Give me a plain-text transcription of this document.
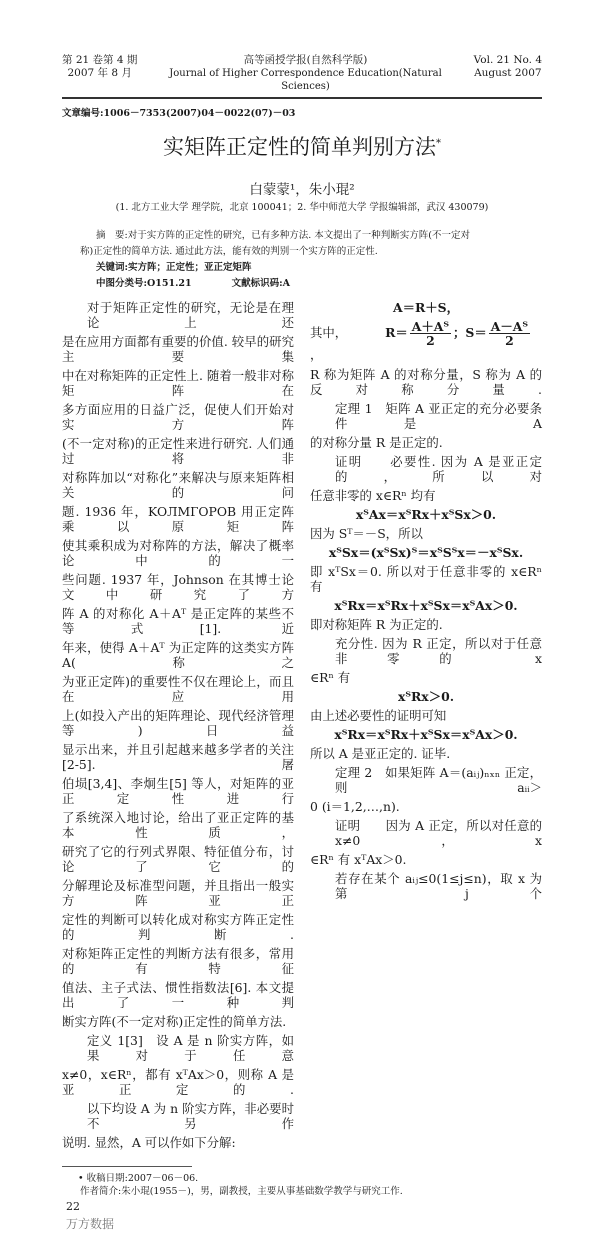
第 21 卷第 4 期
2007 年 8 月
高等函授学报(自然科学版)
Journal of Higher Correspondence Education(Natural Sciences)
Vol. 21 No. 4
August 2007
文章编号:1006－7353(2007)04－0022(07)－03
实矩阵正定性的简单判别方法*
白蒙蒙¹，朱小琨²
(1. 北方工业大学 理学院，北京 100041；2. 华中师范大学 学报编辑部，武汉 430079)
摘　要:对于实方阵的正定性的研究，已有多种方法. 本文提出了一种判断实方阵(不一定对
称)正定性的简单方法. 通过此方法，能有效的判别一个实方阵的正定性.
关键词:实方阵；正定性；亚正定矩阵
中图分类号:O151.21	文献标识码:A
对于矩阵正定性的研究，无论是在理论上还
是在应用方面都有重要的价值. 较早的研究主要集
中在对称矩阵的正定性上. 随着一般非对称矩阵在
多方面应用的日益广泛，促使人们开始对实方阵
(不一定对称)的正定性来进行研究. 人们通过将非
对称阵加以“对称化”来解决与原来矩阵相关的问
题. 1936 年，KOЛMГOPOB 用正定阵乘以原矩阵
使其乘积成为对称阵的方法，解决了概率论中的一
些问题. 1937 年，Johnson 在其博士论文中研究了方
阵 A 的对称化 A＋Aᵀ 是正定阵的某些不等式[1]. 近
年来，使得 A＋Aᵀ 为正定阵的这类实方阵 A(称之
为亚正定阵)的重要性不仅在理论上，而且在应用
上(如投入产出的矩阵理论、现代经济管理等)日益
显示出来，并且引起越来越多学者的关注[2-5]. 屠
伯埙[3,4]、李炯生[5] 等人，对矩阵的亚正定性进行
了系统深入地讨论，给出了亚正定阵的基本性质，
研究了它的行列式界限、特征值分布，讨论了它的
分解理论及标准型问题，并且指出一般实方阵亚正
定性的判断可以转化成对称实方阵正定性的判断.
对称矩阵正定性的判断方法有很多，常用的有特征
值法、主子式法、惯性指数法[6]. 本文提出了一种判
断实方阵(不一定对称)正定性的简单方法.
定义 1[3]　设 A 是 n 阶实方阵，如果对于任意
x≠0，x∈Rⁿ，都有 xᵀAx＞0，则称 A 是亚正定的.
以下均设 A 为 n 阶实方阵，非必要时不另作
说明. 显然，A 可以作如下分解:
A＝R＋S，
其中，	$R= \frac{\text{A＋Aᵀ}}{2}$ ；$S= \frac{\text{A－Aᵀ}}{2}$
，
R 称为矩阵 A 的对称分量，S 称为 A 的反对称分量.
定理 1　矩阵 A 亚正定的充分必要条件是 A
的对称分量 R 是正定的.
证明　　必要性. 因为 A 是亚正定的，所以对
任意非零的 x∈Rⁿ 均有
xᵀAx＝xᵀRx＋xᵀSx＞0.
因为 Sᵀ＝－S，所以
xᵀSx＝(xᵀSx)ᵀ＝xᵀSᵀx＝－xᵀSx.
即 xᵀSx＝0. 所以对于任意非零的 x∈Rⁿ 有
xᵀRx＝xᵀRx＋xᵀSx＝xᵀAx＞0.
即对称矩阵 R 为正定的.
充分性. 因为 R 正定，所以对于任意非零的 x
∈Rⁿ 有
xᵀRx＞0.
由上述必要性的证明可知
xᵀRx＝xᵀRx＋xᵀSx＝xᵀAx＞0.
所以 A 是亚正定的. 证毕.
定理 2　如果矩阵 A＝(aᵢⱼ)ₙₓₙ 正定，则 aᵢᵢ＞
0 (i＝1,2,…,n).
证明　　因为 A 正定，所以对任意的 x≠0，x
∈Rⁿ 有 xᵀAx＞0.
若存在某个 aᵢⱼ≤0(1≤j≤n)，取 x 为第 j 个
• 收稿日期:2007－06－06.
作者简介:朱小琨(1955－)，男，副教授，主要从事基础数学教学与研究工作.
22
万方数据
